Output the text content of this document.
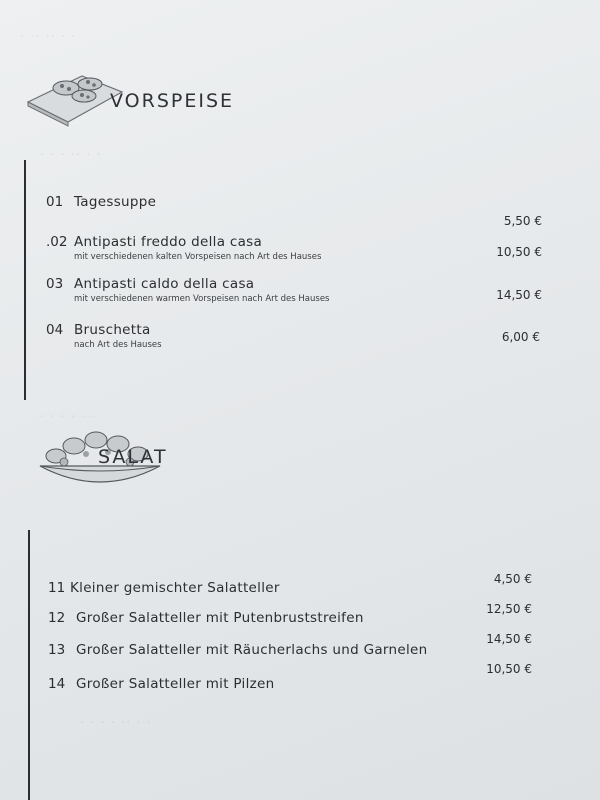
· ·· ·· · ·
· · · ·· · ·
· · · · · ·
· · · · ·· · ·
VORSPEISE
01 Tagessuppe
5,50 €
.02 Antipasti freddo della casa
mit verschiedenen kalten Vorspeisen nach Art des Hauses	10,50 €
03 Antipasti caldo della casa
mit verschiedenen warmen Vorspeisen nach Art des Hauses	14,50 €
04 Bruschetta
nach Art des Hauses
6,00 €
SALAT
11 Kleiner gemischter Salatteller
4,50 €
12 Großer Salatteller mit Putenbruststreifen
12,50 €
13 Großer Salatteller mit Räucherlachs und Garnelen
14,50 €
14 Großer Salatteller mit Pilzen
10,50 €
